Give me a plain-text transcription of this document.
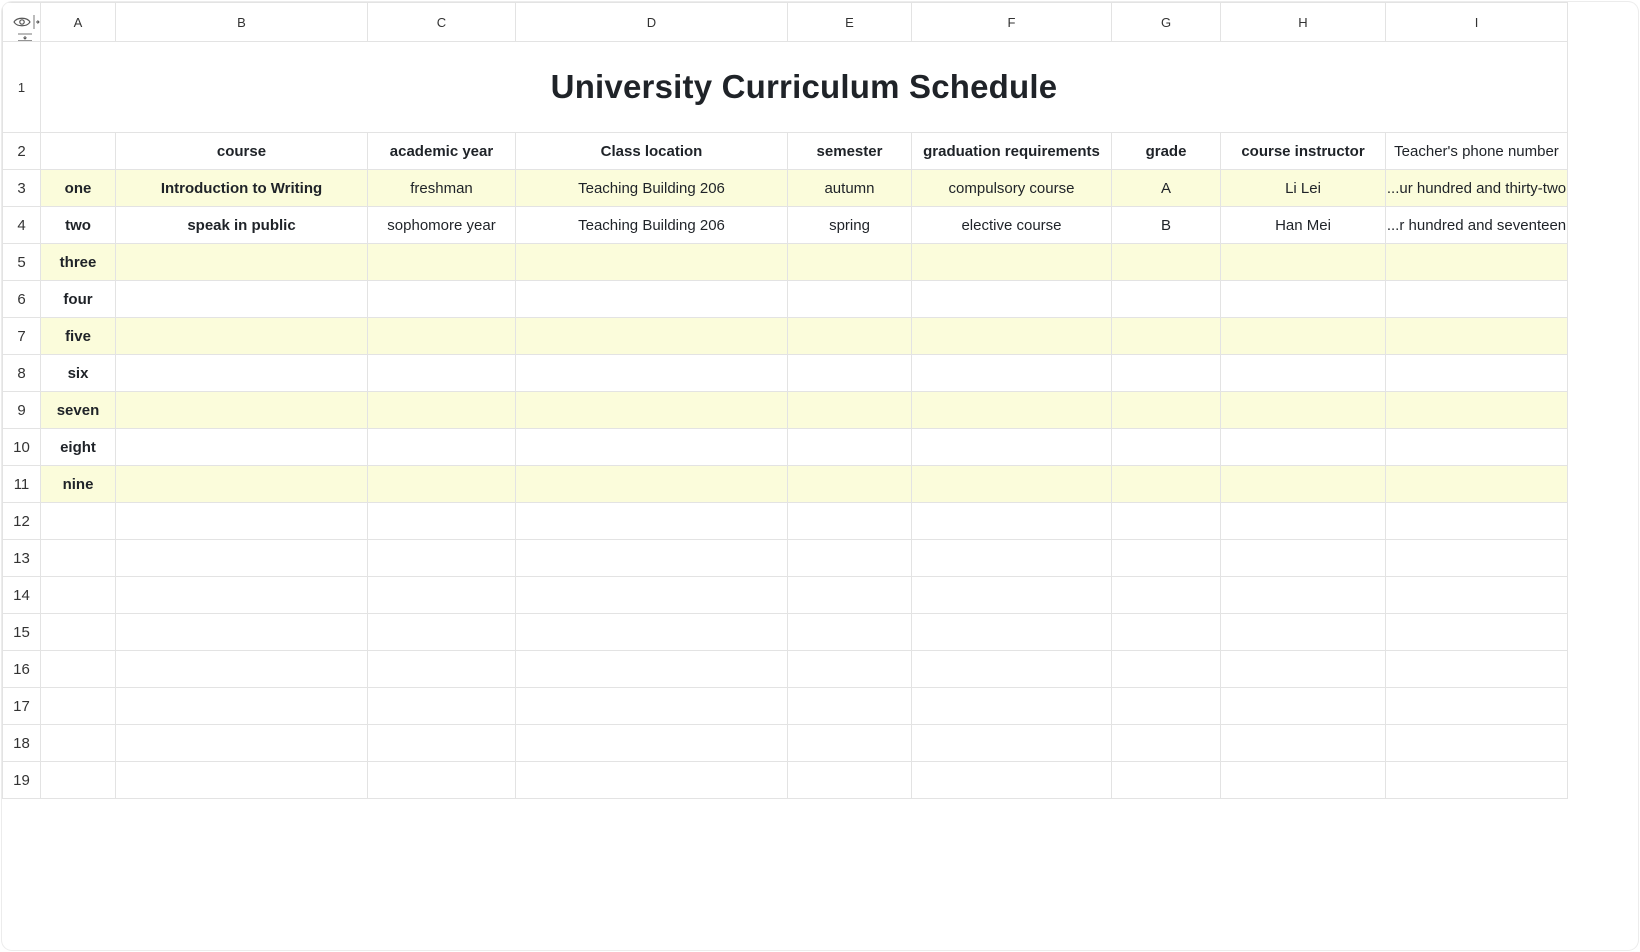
	A	B	C	D	E	F	G	H	I
1	University Curriculum Schedule								
2		course	academic year	Class location	semester	graduation requirements	grade	course instructor	Teacher's phone number
3	one	Introduction to Writing	freshman	Teaching Building 206	autumn	compulsory course	A	Li Lei	...ur hundred and thirty-two
4	two	speak in public	sophomore year	Teaching Building 206	spring	elective course	B	Han Mei	...r hundred and seventeen
5	three								
6	four								
7	five								
8	six								
9	seven								
10	eight								
11	nine								
12									
13									
14									
15									
16									
17									
18									
19									
